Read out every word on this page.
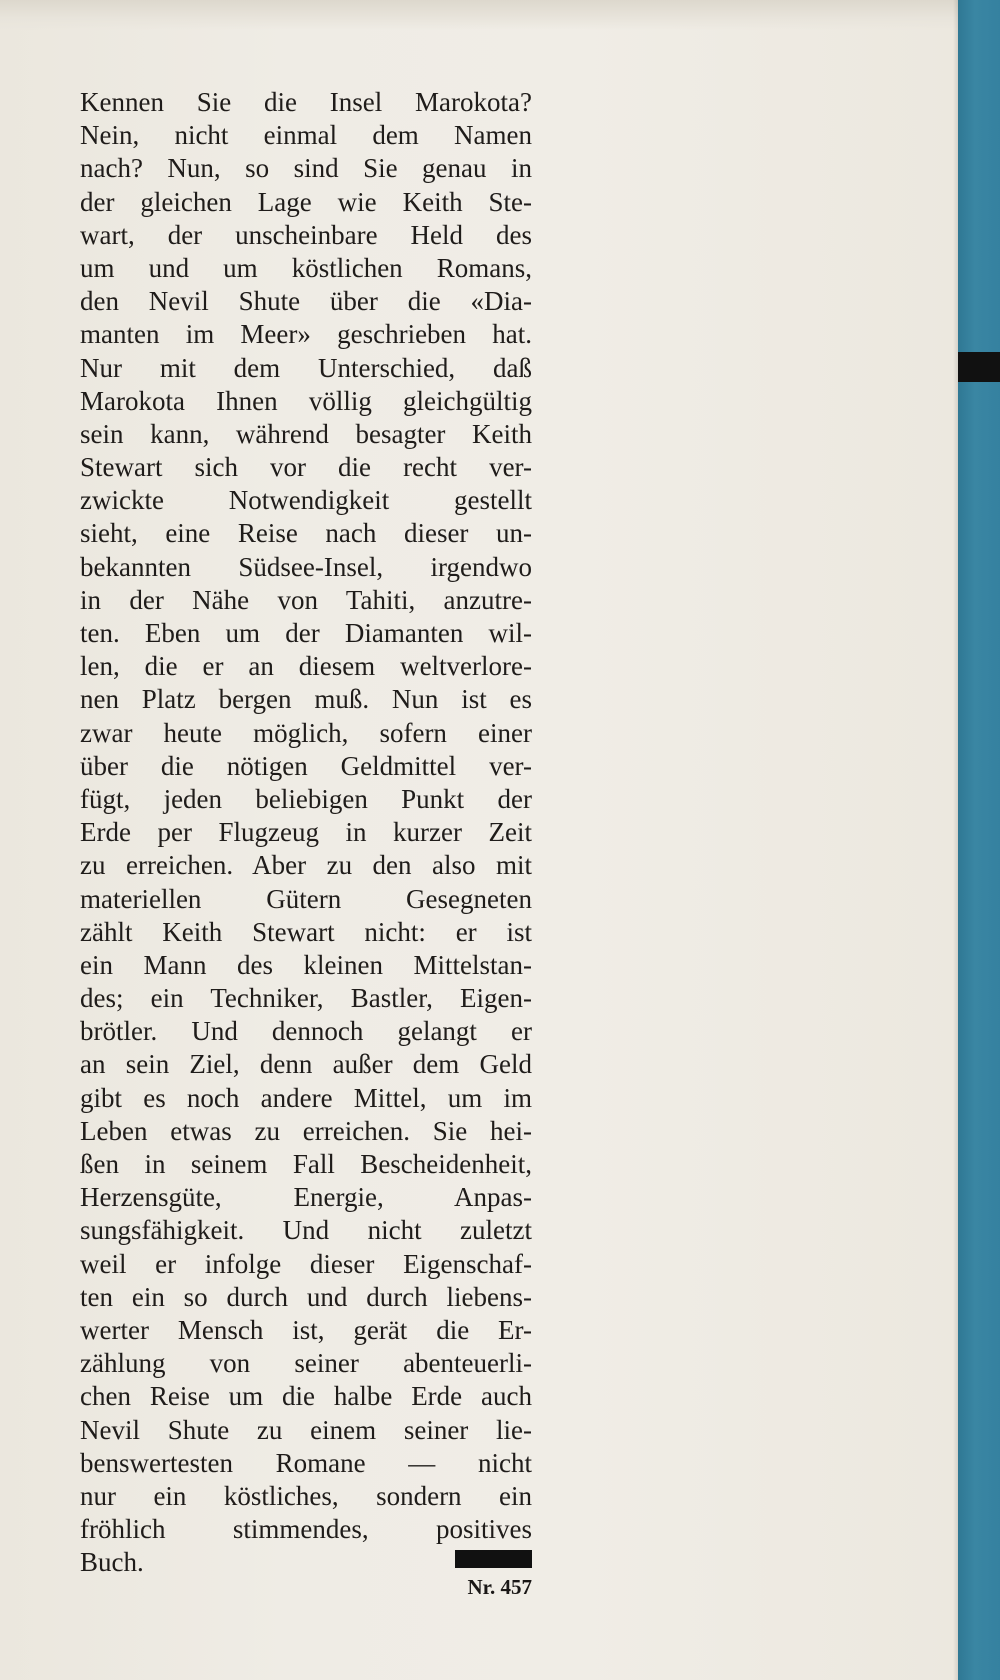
Kennen Sie die Insel Marokota?
Nein, nicht einmal dem Namen
nach? Nun, so sind Sie genau in
der gleichen Lage wie Keith Ste-
wart, der unscheinbare Held des
um und um köstlichen Romans,
den Nevil Shute über die «Dia-
manten im Meer» geschrieben hat.
Nur mit dem Unterschied, daß
Marokota Ihnen völlig gleichgültig
sein kann, während besagter Keith
Stewart sich vor die recht ver-
zwickte Notwendigkeit gestellt
sieht, eine Reise nach dieser un-
bekannten Südsee-Insel, irgendwo
in der Nähe von Tahiti, anzutre-
ten. Eben um der Diamanten wil-
len, die er an diesem weltverlore-
nen Platz bergen muß. Nun ist es
zwar heute möglich, sofern einer
über die nötigen Geldmittel ver-
fügt, jeden beliebigen Punkt der
Erde per Flugzeug in kurzer Zeit
zu erreichen. Aber zu den also mit
materiellen Gütern Gesegneten
zählt Keith Stewart nicht: er ist
ein Mann des kleinen Mittelstan-
des; ein Techniker, Bastler, Eigen-
brötler. Und dennoch gelangt er
an sein Ziel, denn außer dem Geld
gibt es noch andere Mittel, um im
Leben etwas zu erreichen. Sie hei-
ßen in seinem Fall Bescheidenheit,
Herzensgüte, Energie, Anpas-
sungsfähigkeit. Und nicht zuletzt
weil er infolge dieser Eigenschaf-
ten ein so durch und durch liebens-
werter Mensch ist, gerät die Er-
zählung von seiner abenteuerli-
chen Reise um die halbe Erde auch
Nevil Shute zu einem seiner lie-
benswertesten Romane — nicht
nur ein köstliches, sondern ein
fröhlich stimmendes, positives
Buch.

Nr. 457
